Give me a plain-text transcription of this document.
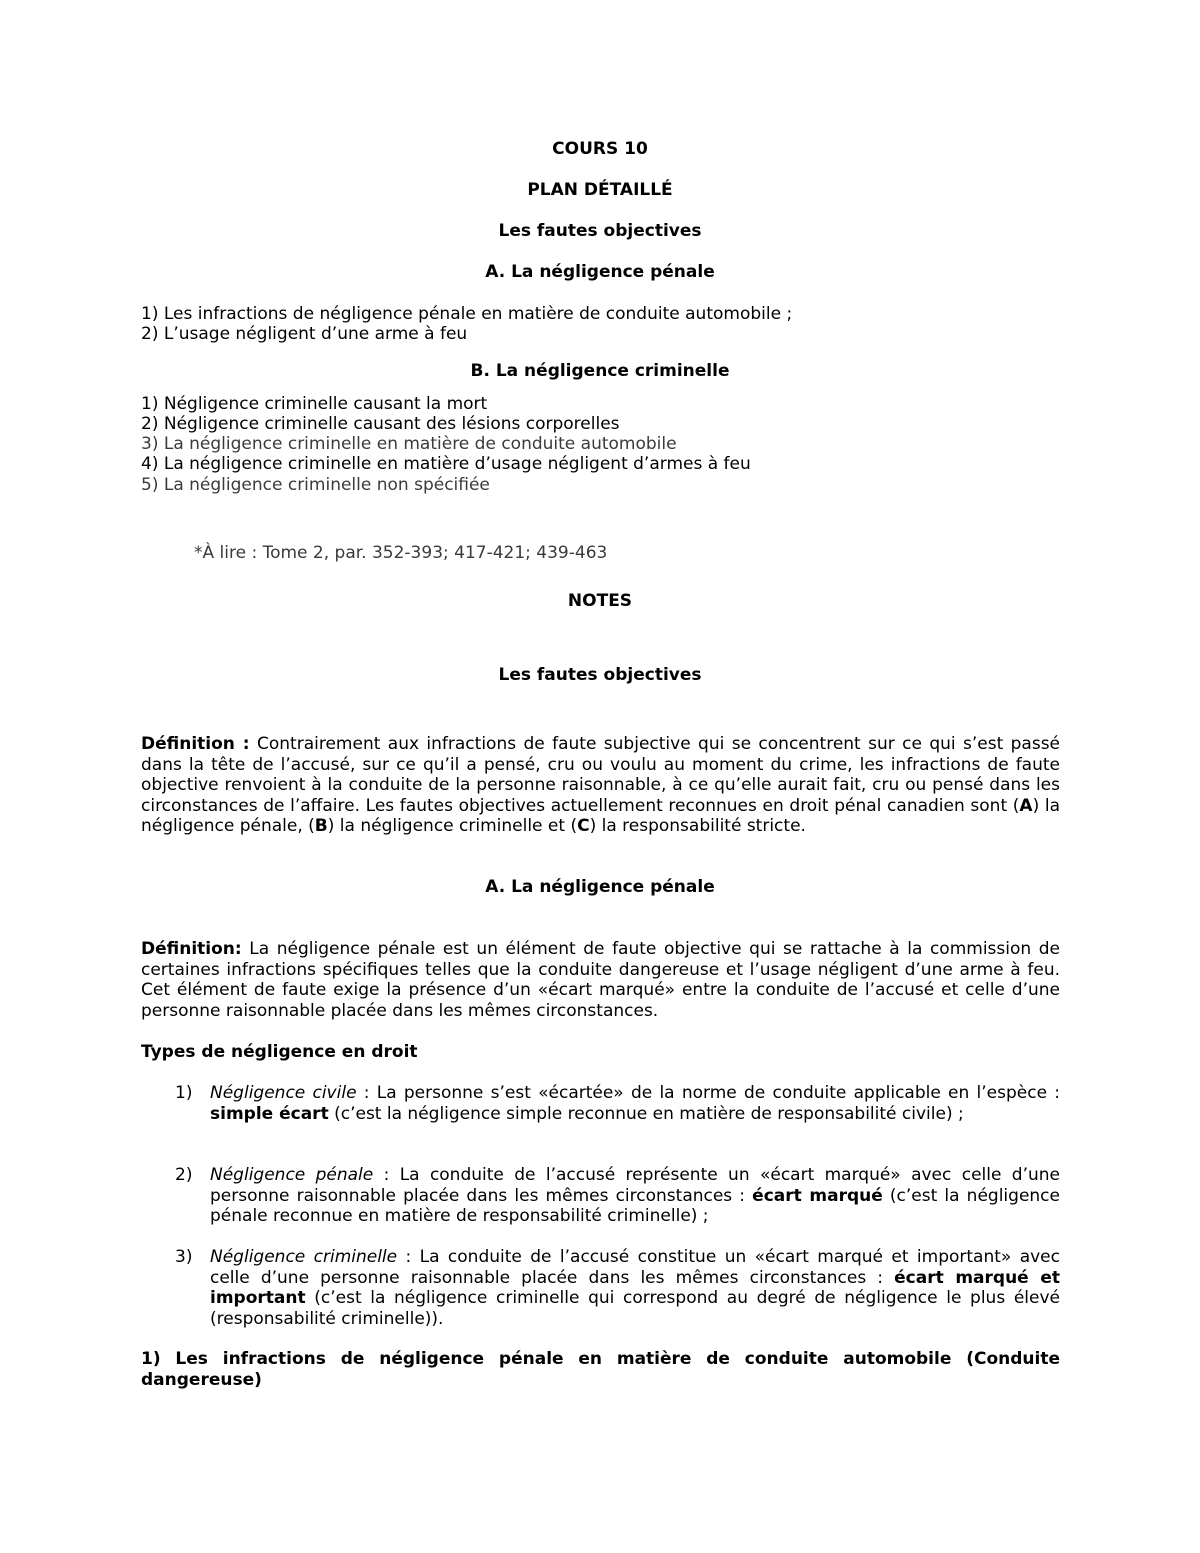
COURS 10
PLAN DÉTAILLÉ
Les fautes objectives
A. La négligence pénale
1) Les infractions de négligence pénale en matière de conduite automobile ;
2) L’usage négligent d’une arme à feu
B. La négligence criminelle
1) Négligence criminelle causant la mort
2) Négligence criminelle causant des lésions corporelles
3) La négligence criminelle en matière de conduite automobile
4) La négligence criminelle en matière d’usage négligent d’armes à feu
5) La négligence criminelle non spécifiée
*À lire : Tome 2, par. 352-393; 417-421; 439-463
NOTES
Les fautes objectives
Définition : Contrairement aux infractions de faute subjective qui se concentrent sur ce qui s’est passé dans la tête de l’accusé, sur ce qu’il a pensé, cru ou voulu au moment du crime, les infractions de faute objective renvoient à la conduite de la personne raisonnable, à ce qu’elle aurait fait, cru ou pensé dans les circonstances de l’affaire. Les fautes objectives actuellement reconnues en droit pénal canadien sont (A) la négligence pénale, (B) la négligence criminelle et (C) la responsabilité stricte.
A. La négligence pénale
Définition: La négligence pénale est un élément de faute objective qui se rattache à la commission de certaines infractions spécifiques telles que la conduite dangereuse et l’usage négligent d’une arme à feu. Cet élément de faute exige la présence d’un «écart marqué» entre la conduite de l’accusé et celle d’une personne raisonnable placée dans les mêmes circonstances.
Types de négligence en droit
1) Négligence civile : La personne s’est «écartée» de la norme de conduite applicable en l’espèce : simple écart (c’est la négligence simple reconnue en matière de responsabilité civile) ;
2) Négligence pénale : La conduite de l’accusé représente un «écart marqué» avec celle d’une personne raisonnable placée dans les mêmes circonstances : écart marqué (c’est la négligence pénale reconnue en matière de responsabilité criminelle) ;
3) Négligence criminelle : La conduite de l’accusé constitue un «écart marqué et important» avec celle d’une personne raisonnable placée dans les mêmes circonstances : écart marqué et important (c’est la négligence criminelle qui correspond au degré de négligence le plus élevé (responsabilité criminelle)).
1) Les infractions de négligence pénale en matière de conduite automobile (Conduite dangereuse)
